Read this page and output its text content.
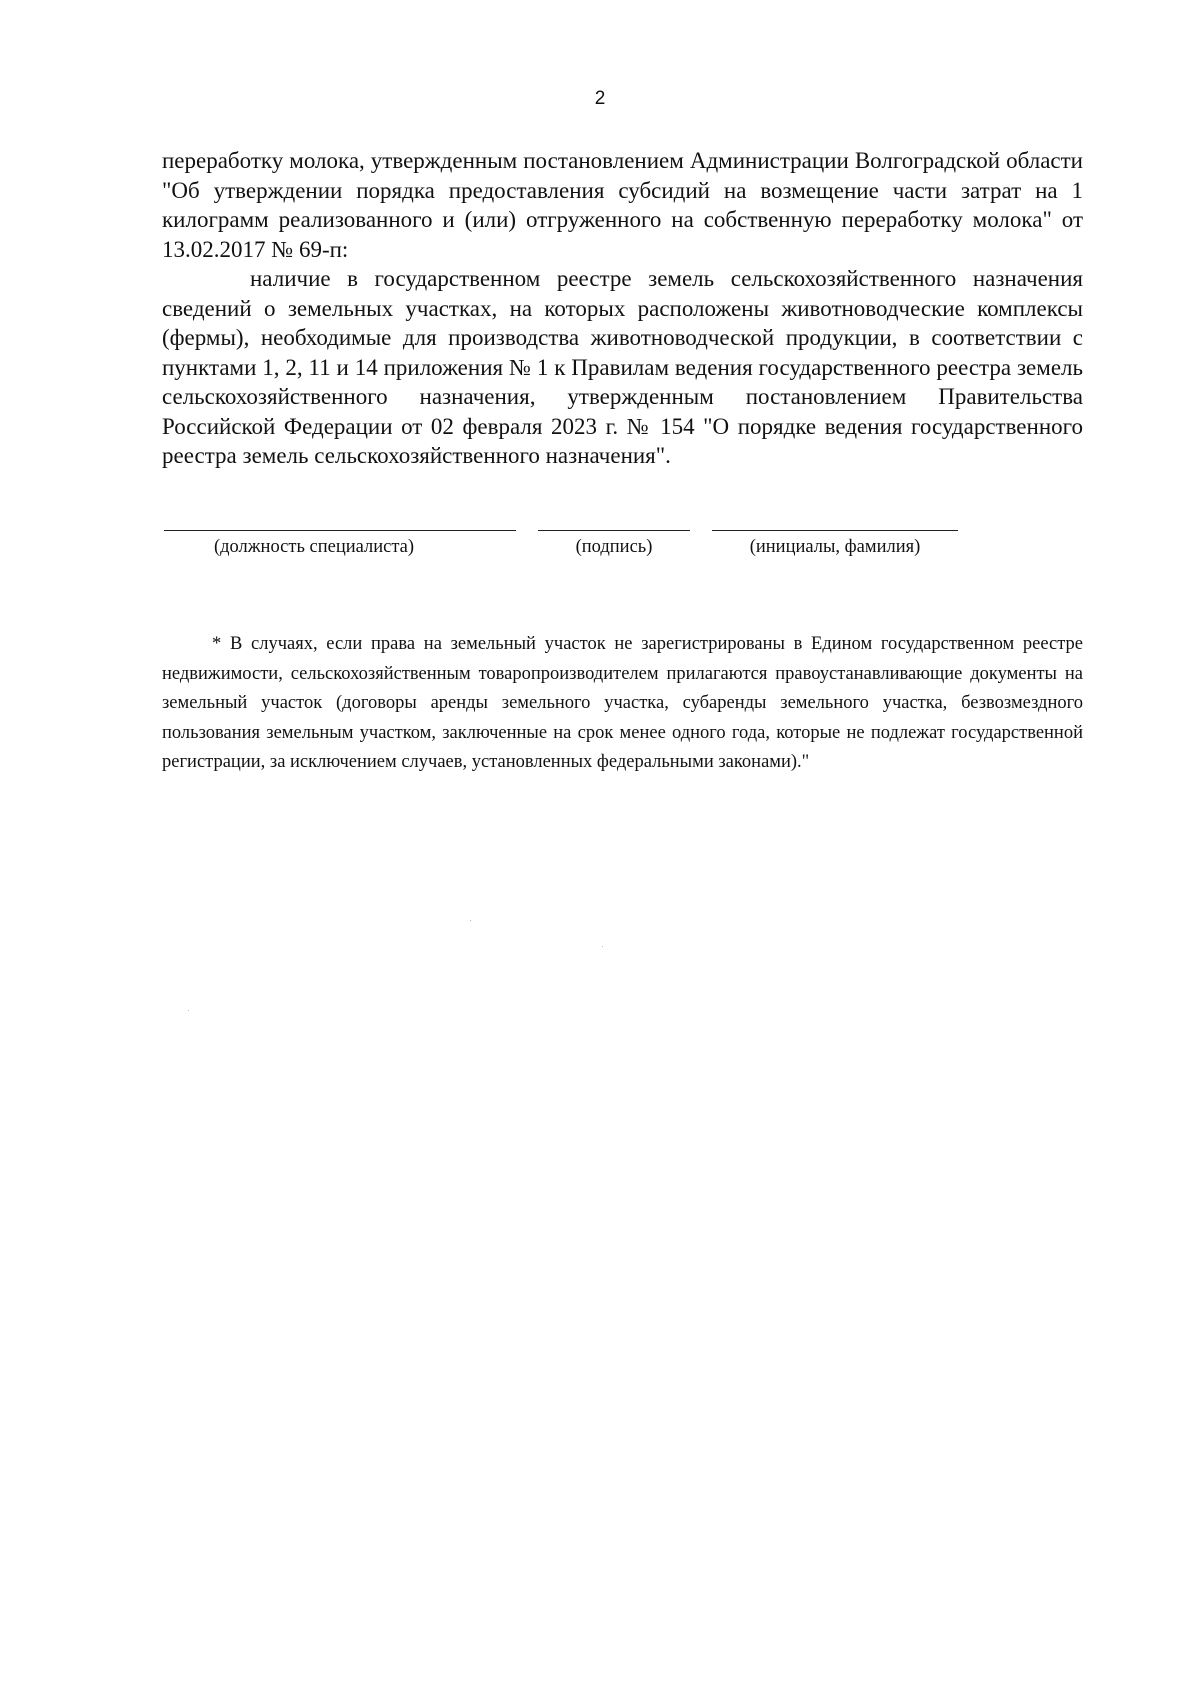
2

переработку молока, утвержденным постановлением Администрации Волгоградской области "Об утверждении порядка предоставления субсидий на возмещение части затрат на 1 килограмм реализованного и (или) отгруженного на собственную переработку молока" от 13.02.2017 № 69-п:

наличие в государственном реестре земель сельскохозяйственного назначения сведений о земельных участках, на которых расположены животноводческие комплексы (фермы), необходимые для производства животноводческой продукции, в соответствии с пунктами 1, 2, 11 и 14 приложения № 1 к Правилам ведения государственного реестра земель сельскохозяйственного назначения, утвержденным постановлением Правительства Российской Федерации от 02 февраля 2023 г. № 154 "О порядке ведения государственного реестра земель сельскохозяйственного назначения".

(должность специалиста)	(подпись)	(инициалы, фамилия)

* В случаях, если права на земельный участок не зарегистрированы в Едином государственном реестре недвижимости, сельскохозяйственным товаропроизводителем прилагаются правоустанавливающие документы на земельный участок (договоры аренды земельного участка, субаренды земельного участка, безвозмездного пользования земельным участком, заключенные на срок менее одного года, которые не подлежат государственной регистрации, за исключением случаев, установленных федеральными законами)."
